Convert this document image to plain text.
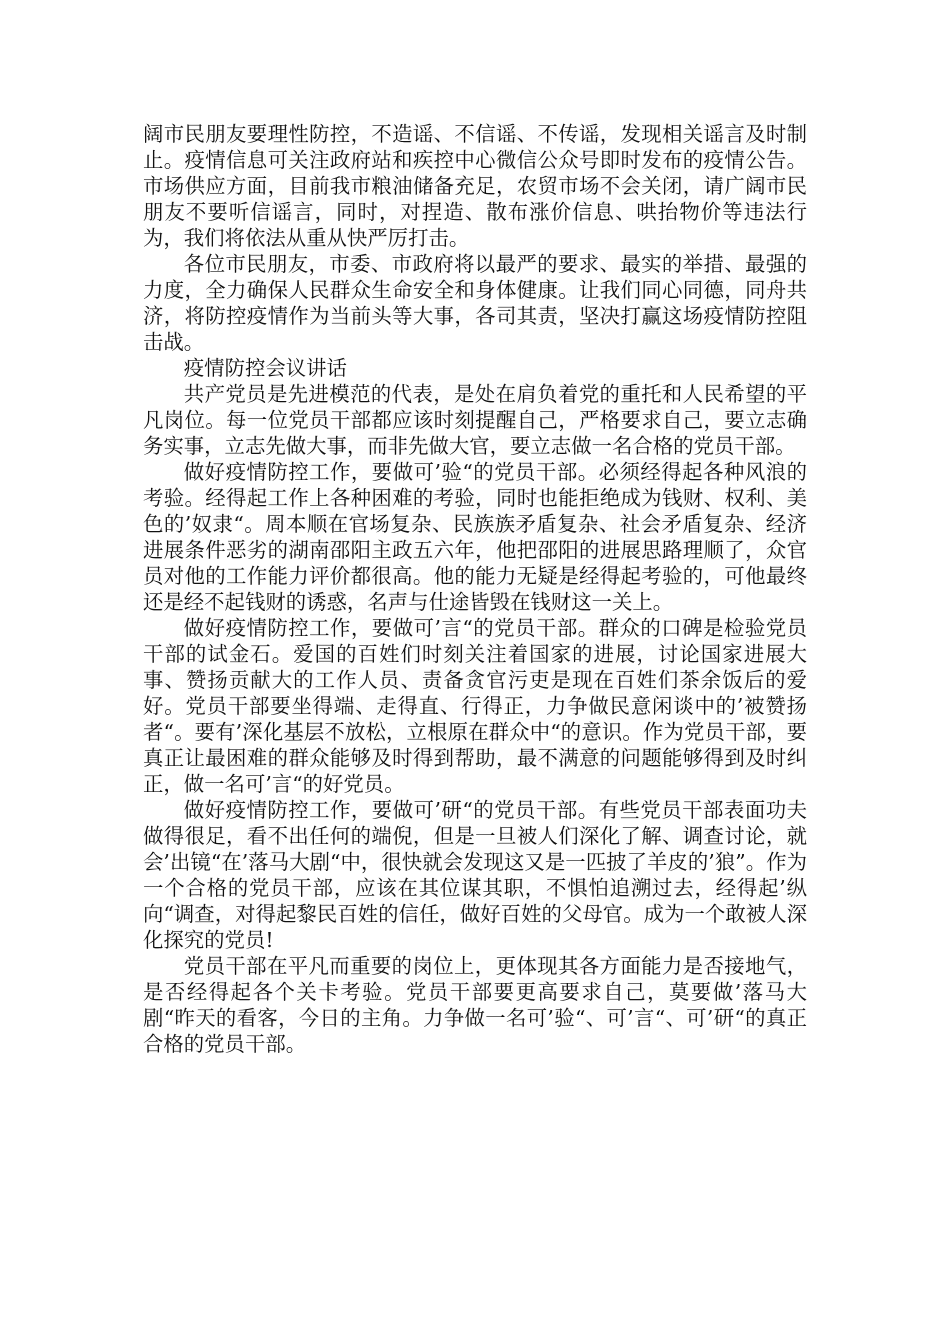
阔市民朋友要理性防控，不造谣、不信谣、不传谣，发现相关谣言及时制止。疫情信息可关注政府站和疾控中心微信公众号即时发布的疫情公告。市场供应方面，目前我市粮油储备充足，农贸市场不会关闭，请广阔市民朋友不要听信谣言，同时，对捏造、散布涨价信息、哄抬物价等违法行为，我们将依法从重从快严厉打击。

各位市民朋友，市委、市政府将以最严的要求、最实的举措、最强的力度，全力确保人民群众生命安全和身体健康。让我们同心同德，同舟共济，将防控疫情作为当前头等大事，各司其责，坚决打赢这场疫情防控阻击战。

疫情防控会议讲话

共产党员是先进模范的代表，是处在肩负着党的重托和人民希望的平凡岗位。每一位党员干部都应该时刻提醒自己，严格要求自己，要立志确务实事，立志先做大事，而非先做大官，要立志做一名合格的党员干部。

做好疫情防控工作，要做可’验“的党员干部。必须经得起各种风浪的考验。经得起工作上各种困难的考验，同时也能拒绝成为钱财、权利、美色的’奴隶“。周本顺在官场复杂、民族族矛盾复杂、社会矛盾复杂、经济进展条件恶劣的湖南邵阳主政五六年，他把邵阳的进展思路理顺了，众官员对他的工作能力评价都很高。他的能力无疑是经得起考验的，可他最终还是经不起钱财的诱惑，名声与仕途皆毁在钱财这一关上。

做好疫情防控工作，要做可’言“的党员干部。群众的口碑是检验党员干部的试金石。爱国的百姓们时刻关注着国家的进展，讨论国家进展大事、赞扬贡献大的工作人员、责备贪官污吏是现在百姓们茶余饭后的爱好。党员干部要坐得端、走得直、行得正，力争做民意闲谈中的’被赞扬者“。要有’深化基层不放松，立根原在群众中“的意识。作为党员干部，要真正让最困难的群众能够及时得到帮助，最不满意的问题能够得到及时纠正，做一名可’言“的好党员。

做好疫情防控工作，要做可’研“的党员干部。有些党员干部表面功夫做得很足，看不出任何的端倪，但是一旦被人们深化了解、调查讨论，就会’出镜“在’落马大剧“中，很快就会发现这又是一匹披了羊皮的’狼”。作为一个合格的党员干部，应该在其位谋其职，不惧怕追溯过去，经得起’纵向“调查，对得起黎民百姓的信任，做好百姓的父母官。成为一个敢被人深化探究的党员!

党员干部在平凡而重要的岗位上，更体现其各方面能力是否接地气，是否经得起各个关卡考验。党员干部要更高要求自己，莫要做’落马大剧“昨天的看客，今日的主角。力争做一名可’验“、可’言“、可’研“的真正合格的党员干部。
